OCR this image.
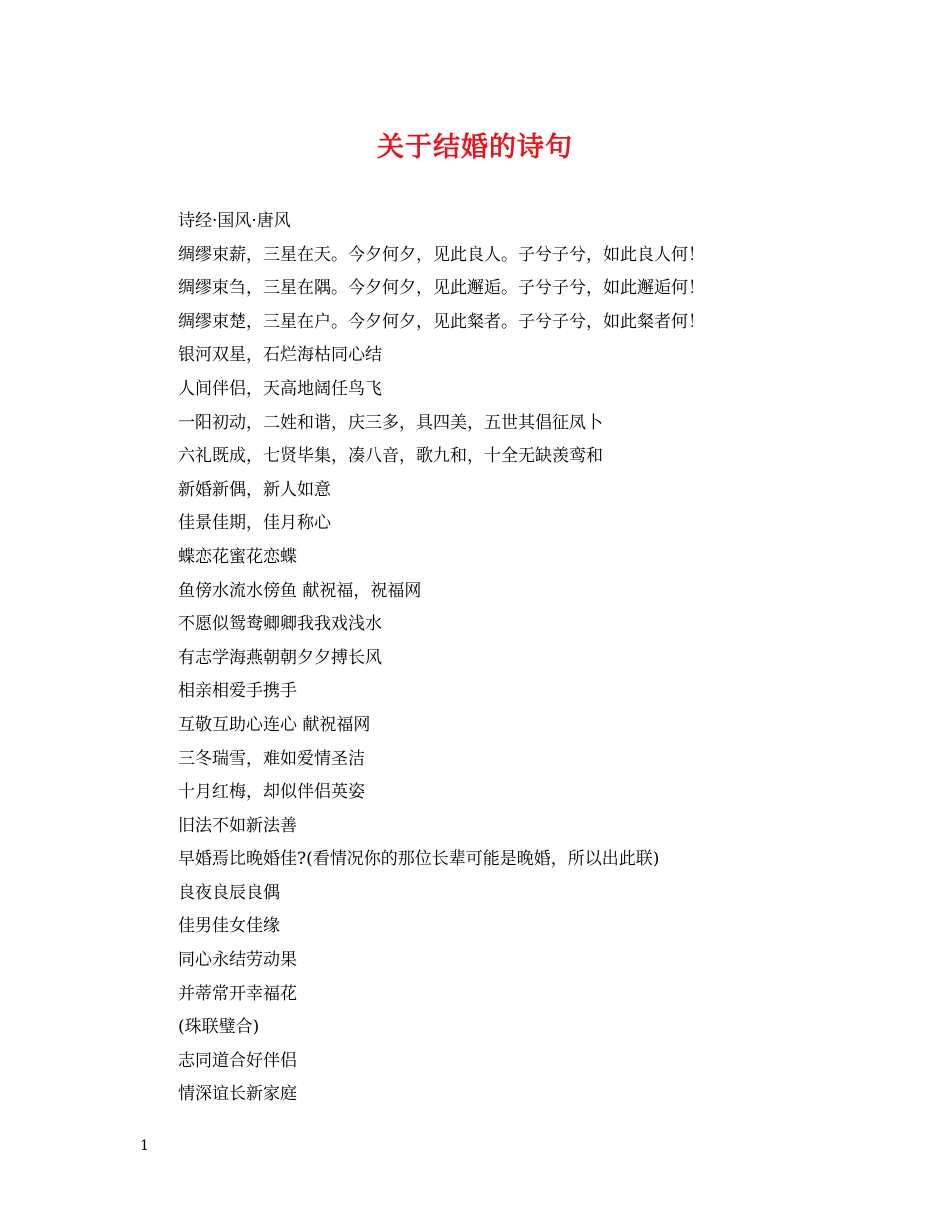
关于结婚的诗句
诗经·国风·唐风
绸缪束薪，三星在天。今夕何夕，见此良人。子兮子兮，如此良人何！
绸缪束刍，三星在隅。今夕何夕，见此邂逅。子兮子兮，如此邂逅何！
绸缪束楚，三星在户。今夕何夕，见此粲者。子兮子兮，如此粲者何！
银河双星，石烂海枯同心结
人间伴侣，天高地阔任鸟飞
一阳初动，二姓和谐，庆三多，具四美，五世其倡征凤卜
六礼既成，七贤毕集，凑八音，歌九和，十全无缺羡鸾和
新婚新偶，新人如意
佳景佳期，佳月称心
蝶恋花蜜花恋蝶
鱼傍水流水傍鱼 献祝福，祝福网
不愿似鸳鸯卿卿我我戏浅水
有志学海燕朝朝夕夕搏长风
相亲相爱手携手
互敬互助心连心 献祝福网
三冬瑞雪，难如爱情圣洁
十月红梅，却似伴侣英姿
旧法不如新法善
早婚焉比晚婚佳?(看情况你的那位长辈可能是晚婚，所以出此联)
良夜良辰良偶
佳男佳女佳缘
同心永结劳动果
并蒂常开幸福花
(珠联璧合)
志同道合好伴侣
情深谊长新家庭
1
